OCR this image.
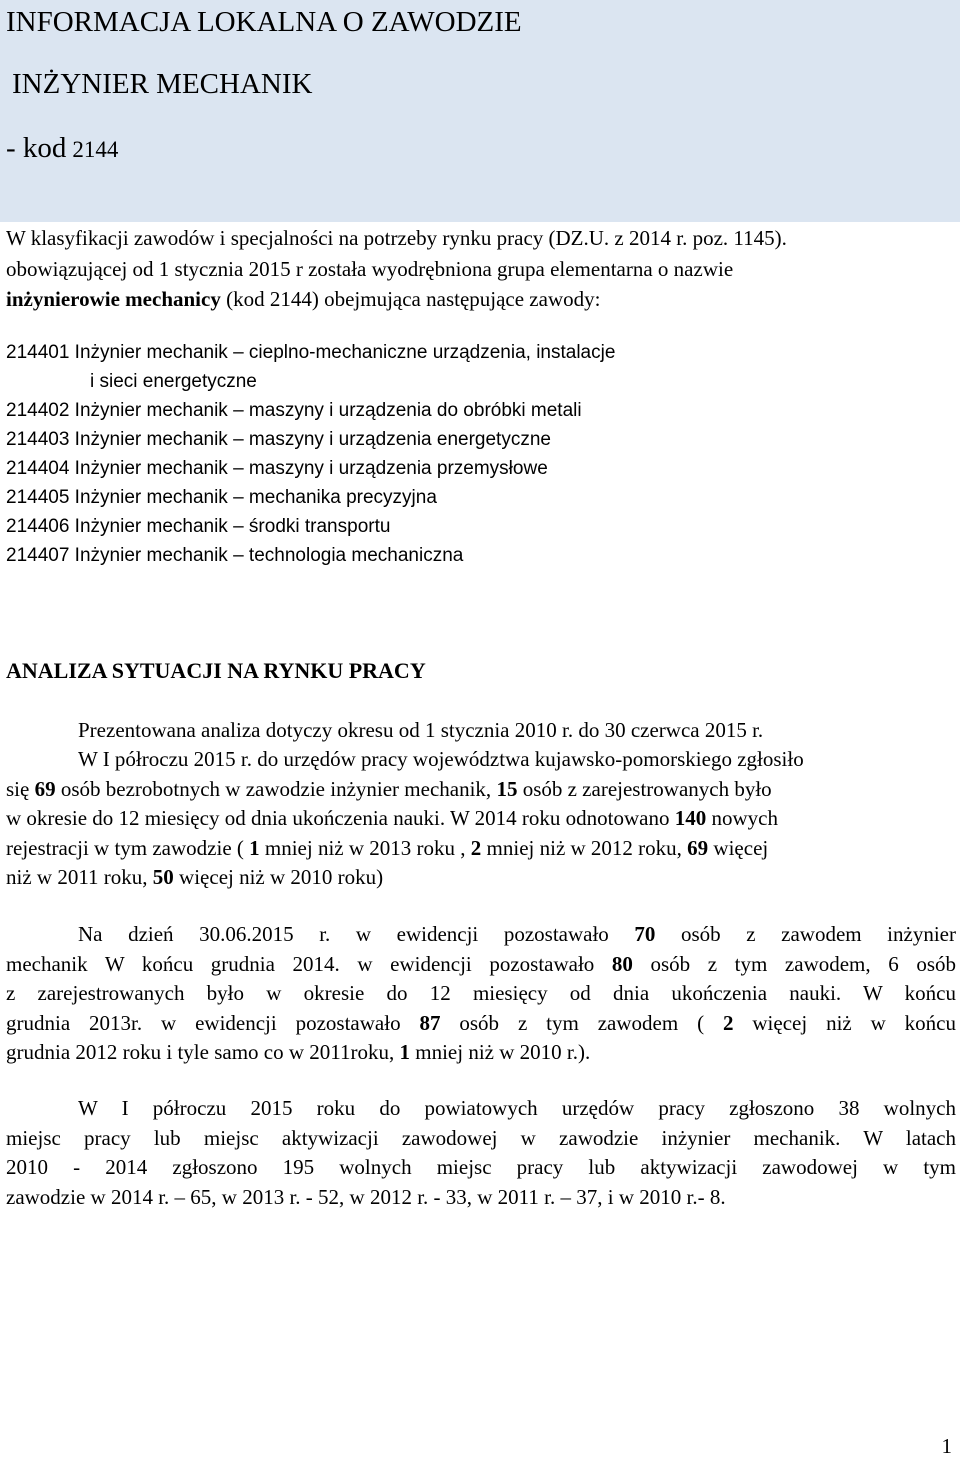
INFORMACJA LOKALNA O ZAWODZIE
INŻYNIER MECHANIK
- kod 2144
W klasyfikacji zawodów i specjalności na potrzeby rynku pracy (DZ.U. z 2014 r. poz. 1145).
obowiązującej od 1 stycznia 2015 r została wyodrębniona grupa elementarna o nazwie
inżynierowie mechanicy (kod 2144) obejmująca następujące zawody:
214401 Inżynier mechanik – cieplno-mechaniczne urządzenia, instalacje
i sieci energetyczne
214402 Inżynier mechanik – maszyny i urządzenia do obróbki metali
214403 Inżynier mechanik – maszyny i urządzenia energetyczne
214404 Inżynier mechanik – maszyny i urządzenia przemysłowe
214405 Inżynier mechanik – mechanika precyzyjna
214406 Inżynier mechanik – środki transportu
214407 Inżynier mechanik – technologia mechaniczna
ANALIZA SYTUACJI NA RYNKU PRACY
Prezentowana analiza dotyczy okresu od 1 stycznia 2010 r. do 30 czerwca 2015 r.
W I półroczu 2015 r. do urzędów pracy województwa kujawsko-pomorskiego zgłosiło
się 69 osób bezrobotnych w zawodzie inżynier mechanik, 15 osób z zarejestrowanych było
w okresie do 12 miesięcy od dnia ukończenia nauki. W 2014 roku odnotowano 140 nowych
rejestracji w tym zawodzie ( 1 mniej niż w 2013 roku , 2 mniej niż w 2012 roku, 69 więcej
niż w 2011 roku, 50 więcej niż w 2010 roku)
Na dzień 30.06.2015 r. w ewidencji pozostawało 70 osób z zawodem inżynier
mechanik W końcu grudnia 2014. w ewidencji pozostawało 80 osób z tym zawodem, 6 osób
z zarejestrowanych było w okresie do 12 miesięcy od dnia ukończenia nauki. W końcu
grudnia 2013r. w ewidencji pozostawało 87 osób z tym zawodem ( 2 więcej niż w końcu
grudnia 2012 roku i tyle samo co w 2011roku, 1 mniej niż w 2010 r.).
W I półroczu 2015 roku do powiatowych urzędów pracy zgłoszono 38 wolnych
miejsc pracy lub miejsc aktywizacji zawodowej w zawodzie inżynier mechanik. W latach
2010 - 2014 zgłoszono 195 wolnych miejsc pracy lub aktywizacji zawodowej w tym
zawodzie w 2014 r. – 65, w 2013 r. - 52, w 2012 r. - 33, w 2011 r. – 37, i w 2010 r.- 8.
1
